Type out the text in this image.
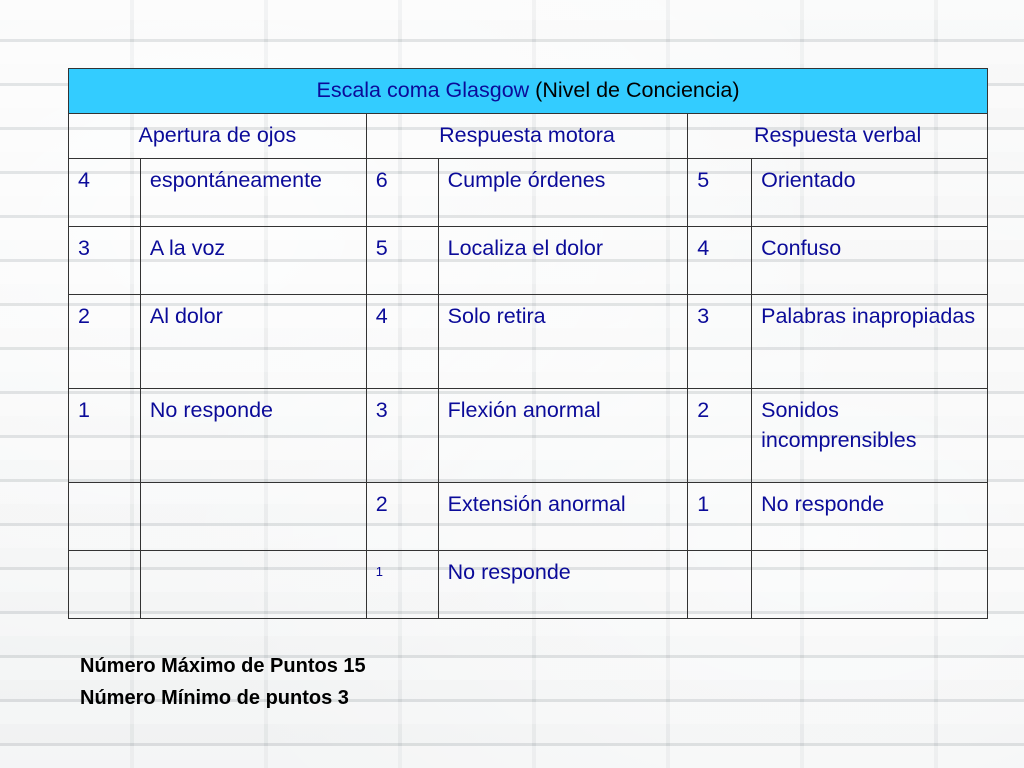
Escala coma Glasgow (Nivel de Conciencia)					
Apertura de ojos		Respuesta motora		Respuesta verbal	
4	espontáneamente	6	Cumple órdenes	5	Orientado
3	A la voz	5	Localiza el dolor	4	Confuso
2	Al dolor	4	Solo retira	3	Palabras inapropiadas
1	No responde	3	Flexión anormal	2	Sonidos incomprensibles
		2	Extensión anormal	1	No responde
		1	No responde		
Número Máximo de Puntos 15
Número Mínimo de puntos 3
